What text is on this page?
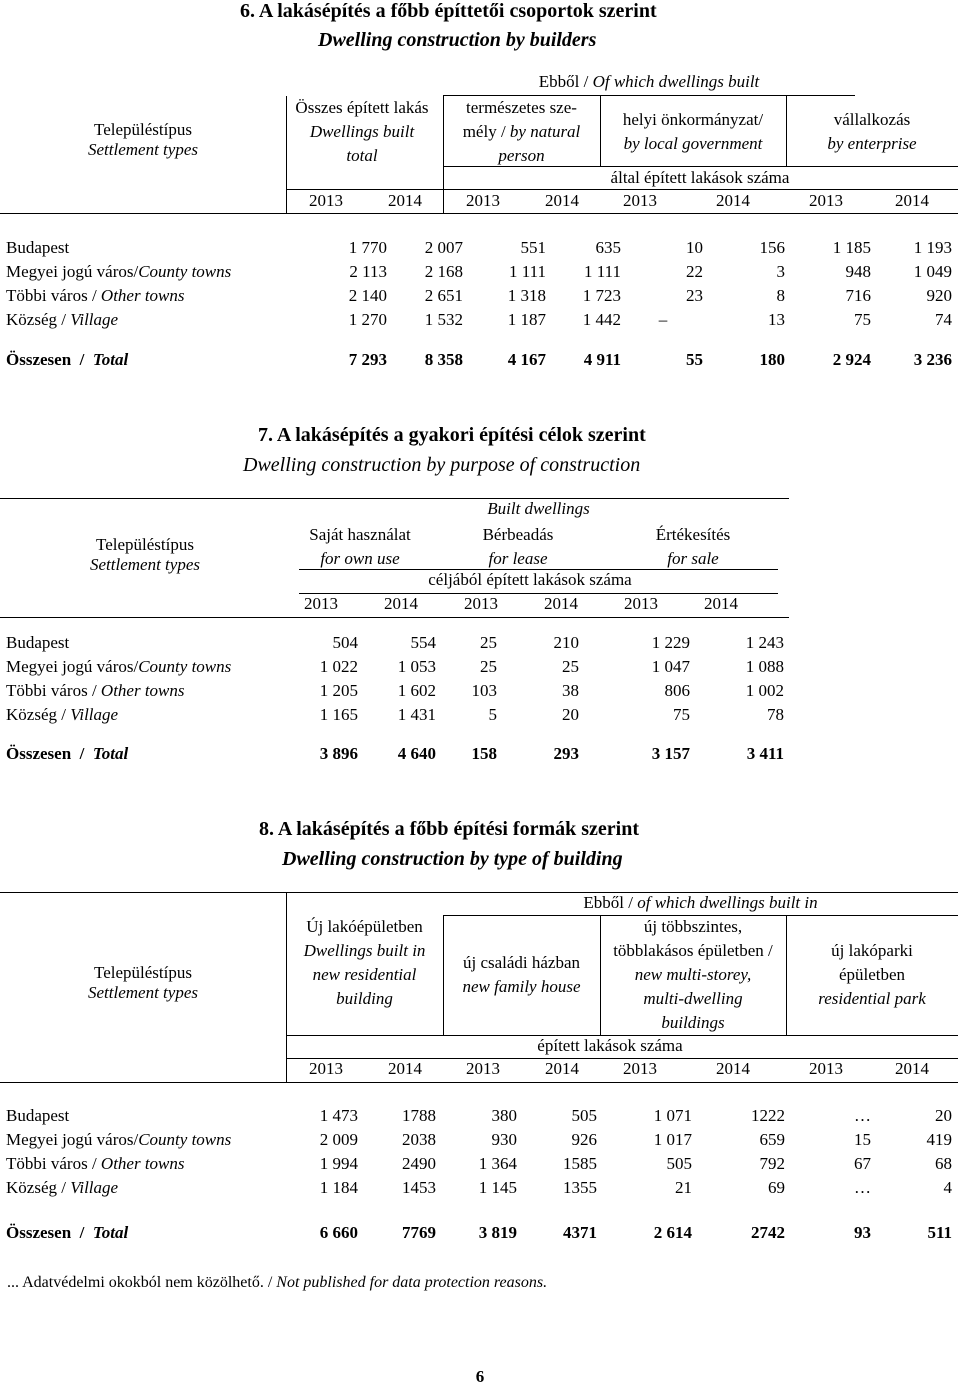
6. A lakásépítés a főbb építtetői csoportok szerint
Dwelling construction by builders
Településtípus
Settlement types
Összes épített lakás
Dwellings built
total
Ebből / Of which dwellings built
természetes sze-
mély / by natural
person
helyi önkormányzat/
by local government
vállalkozás
by enterprise
által épített lakások száma
2013	2014	2013	2014	2013	2014	2013	2014
Budapest	1 770	2 007	551	635	10	156	1 185	1 193
Megyei jogú város/County towns	2 113	2 168	1 111	1 111	22	3	948	1 049
Többi város / Other towns	2 140	2 651	1 318	1 723	23	8	716	920
Község / Village	1 270	1 532	1 187	1 442	–	13	75	74
Összesen  /  Total	7 293	8 358	4 167	4 911	55	180	2 924	3 236
7. A lakásépítés a gyakori építési célok szerint
Dwelling construction by purpose of construction
Településtípus
Settlement types
Built dwellings
Saját használat
for own use
Bérbeadás
for lease
Értékesítés
for sale
céljából épített lakások száma
2013	2014	2013	2014	2013	2014
Budapest	504	554	25	210	1 229	1 243
Megyei jogú város/County towns	1 022	1 053	25	25	1 047	1 088
Többi város / Other towns	1 205	1 602	103	38	806	1 002
Község / Village	1 165	1 431	5	20	75	78
Összesen  /  Total	3 896	4 640	158	293	3 157	3 411
8. A lakásépítés a főbb építési formák szerint
Dwelling construction by type of building
Településtípus
Settlement types
Ebből / of which dwellings built in
Új lakóépületben
Dwellings built in
new residential
building
új családi házban
new family house
új többszintes,
többlakásos épületben /
new multi-storey,
multi-dwelling
buildings
új lakóparki
épületben
residential park
épített lakások száma
2013	2014	2013	2014	2013	2014	2013	2014
Budapest	1 473	1788	380	505	1 071	1222	…	20
Megyei jogú város/County towns	2 009	2038	930	926	1 017	659	15	419
Többi város / Other towns	1 994	2490	1 364	1585	505	792	67	68
Község / Village	1 184	1453	1 145	1355	21	69	…	4
Összesen  /  Total	6 660	7769	3 819	4371	2 614	2742	93	511
... Adatvédelmi okokból nem közölhető. / Not published for data protection reasons.
6
